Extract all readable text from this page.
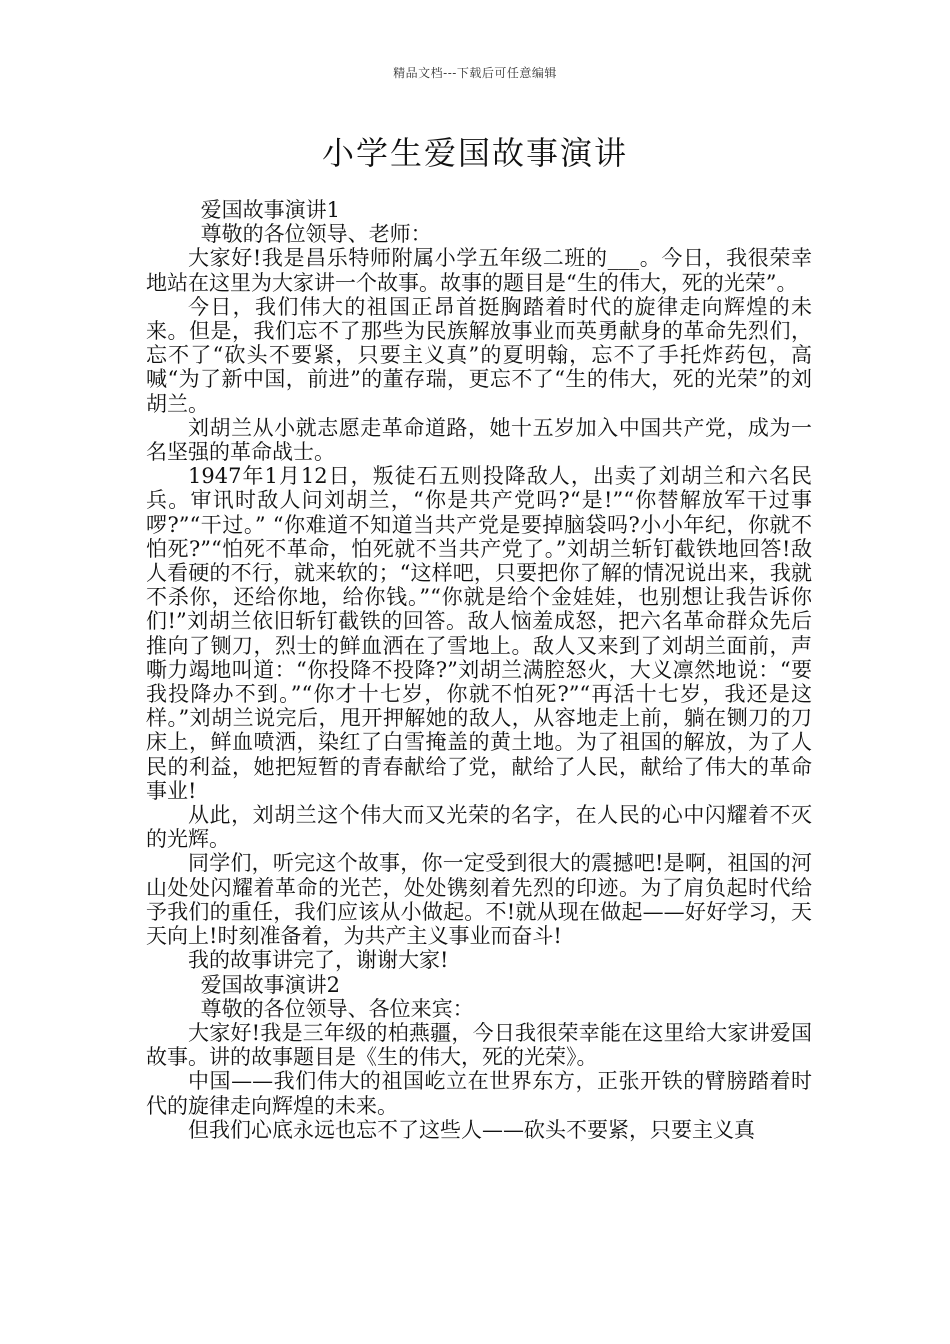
精品文档---下载后可任意编辑
小学生爱国故事演讲

爱国故事演讲1

尊敬的各位领导、老师：

大家好!我是昌乐特师附属小学五年级二班的___。今日，我很荣幸地站在这里为大家讲一个故事。故事的题目是“生的伟大，死的光荣”。

今日，我们伟大的祖国正昂首挺胸踏着时代的旋律走向辉煌的未来。但是，我们忘不了那些为民族解放事业而英勇献身的革命先烈们，忘不了“砍头不要紧，只要主义真”的夏明翰，忘不了手托炸药包，高喊“为了新中国，前进”的董存瑞，更忘不了“生的伟大，死的光荣”的刘胡兰。

刘胡兰从小就志愿走革命道路，她十五岁加入中国共产党，成为一名坚强的革命战士。

1947年1月12日，叛徒石五则投降敌人，出卖了刘胡兰和六名民兵。审讯时敌人问刘胡兰，“你是共产党吗?“是!”“你替解放军干过事啰?”“干过。” “你难道不知道当共产党是要掉脑袋吗?小小年纪，你就不怕死?”“怕死不革命，怕死就不当共产党了。”刘胡兰斩钉截铁地回答!敌人看硬的不行，就来软的；“这样吧，只要把你了解的情况说出来，我就不杀你，还给你地，给你钱。”“你就是给个金娃娃，也别想让我告诉你们!”刘胡兰依旧斩钉截铁的回答。敌人恼羞成怒，把六名革命群众先后推向了铡刀，烈士的鲜血洒在了雪地上。敌人又来到了刘胡兰面前，声嘶力竭地叫道：“你投降不投降?”刘胡兰满腔怒火，大义凛然地说：“要我投降办不到。”“你才十七岁，你就不怕死?”“再活十七岁，我还是这样。”刘胡兰说完后，甩开押解她的敌人，从容地走上前，躺在铡刀的刀床上，鲜血喷洒，染红了白雪掩盖的黄土地。为了祖国的解放，为了人民的利益，她把短暂的青春献给了党，献给了人民，献给了伟大的革命事业!

从此，刘胡兰这个伟大而又光荣的名字，在人民的心中闪耀着不灭的光辉。

同学们，听完这个故事，你一定受到很大的震撼吧!是啊，祖国的河山处处闪耀着革命的光芒，处处镌刻着先烈的印迹。为了肩负起时代给予我们的重任，我们应该从小做起。不!就从现在做起——好好学习，天天向上!时刻准备着，为共产主义事业而奋斗!

我的故事讲完了，谢谢大家!

爱国故事演讲2

尊敬的各位领导、各位来宾：

大家好!我是三年级的柏燕疆，今日我很荣幸能在这里给大家讲爱国故事。讲的故事题目是《生的伟大，死的光荣》。

中国——我们伟大的祖国屹立在世界东方，正张开铁的臂膀踏着时代的旋律走向辉煌的未来。

但我们心底永远也忘不了这些人——砍头不要紧，只要主义真
